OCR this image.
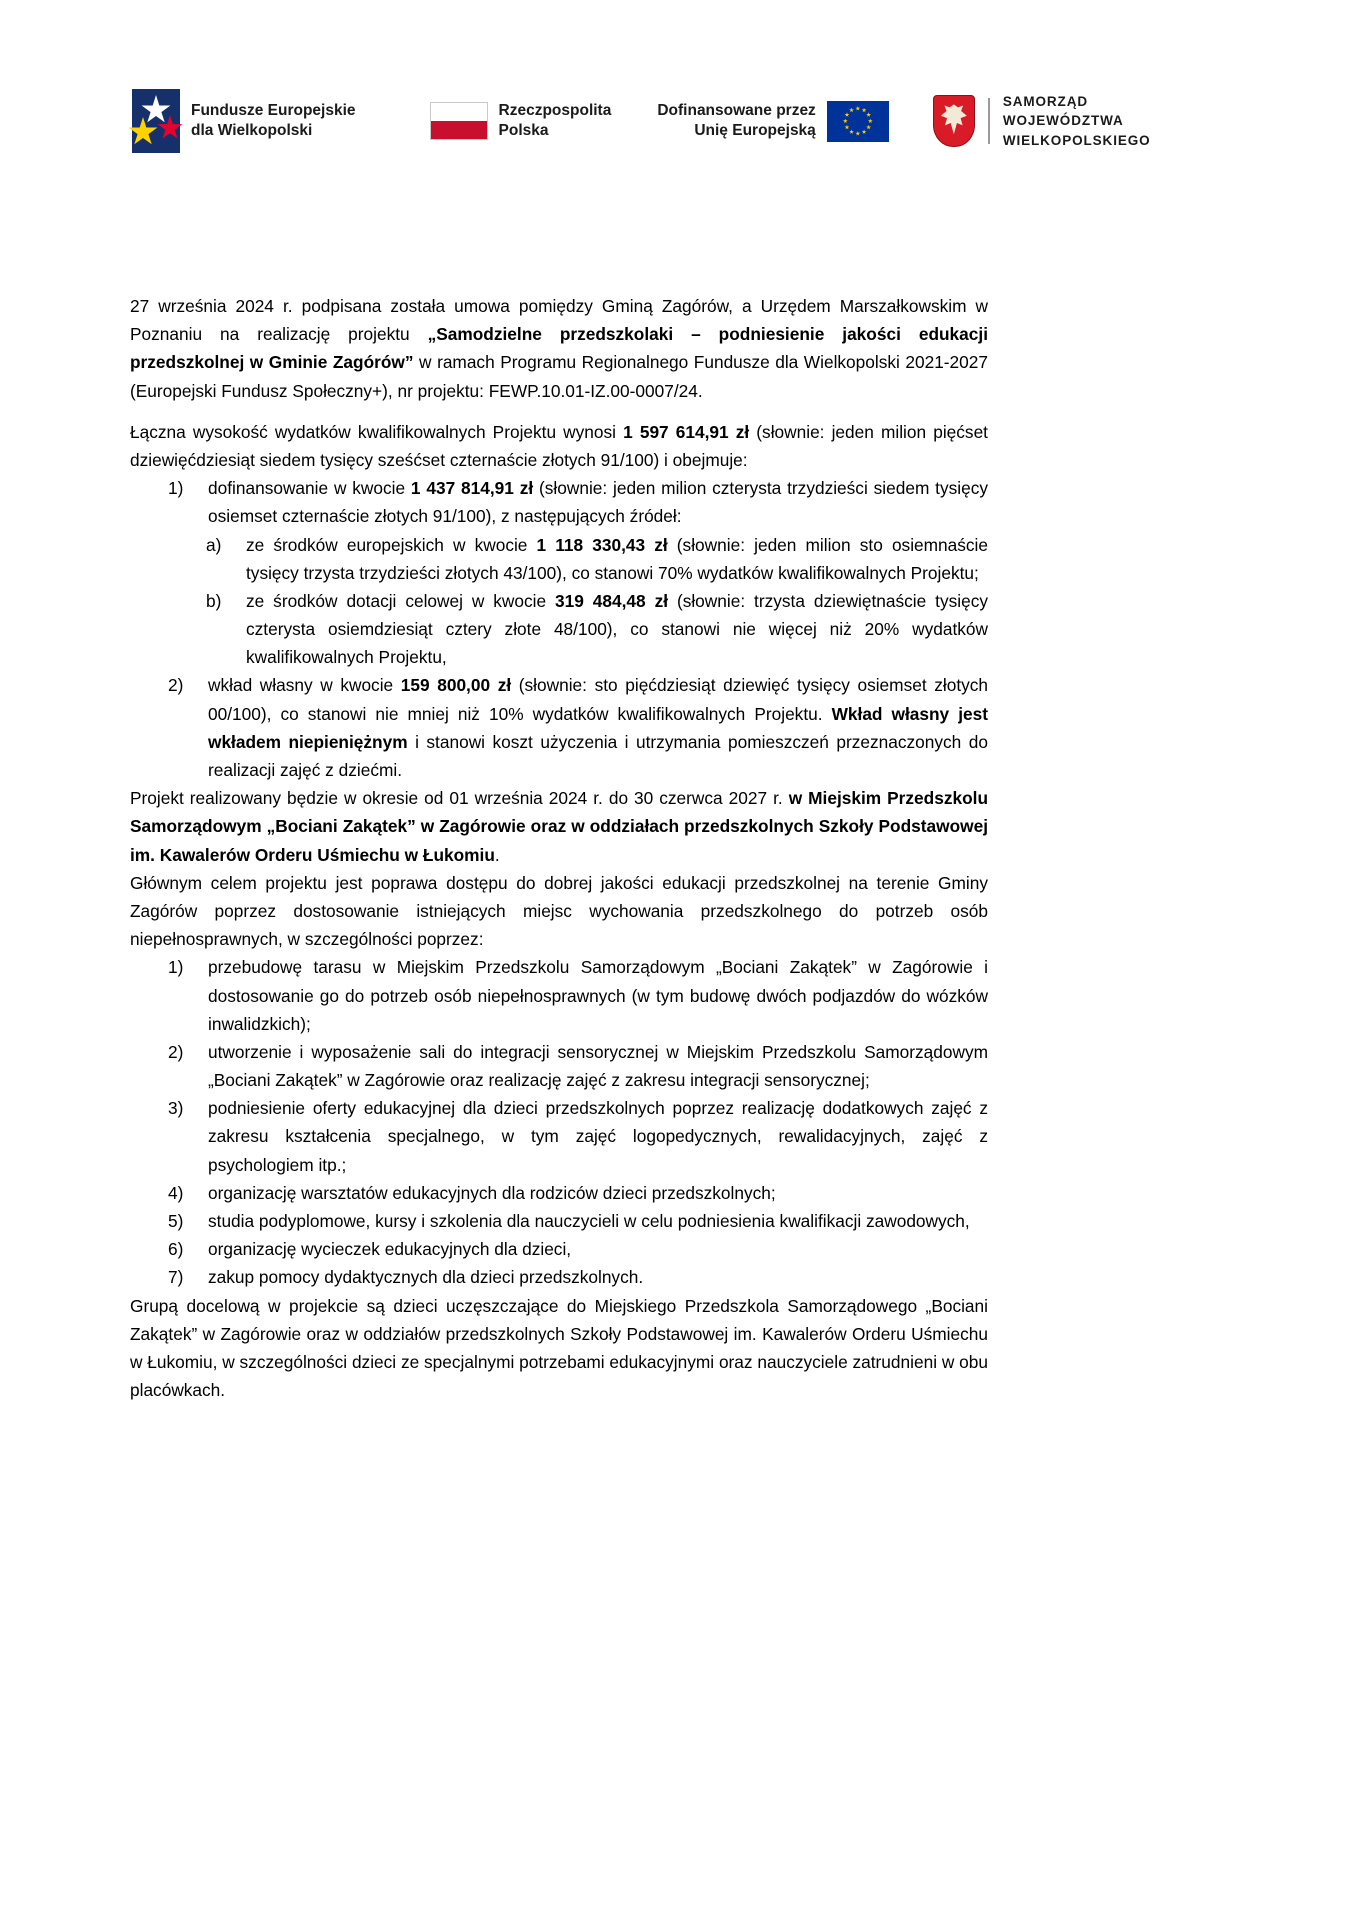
Fundusze Europejskie
dla Wielkopolski
Rzeczpospolita
Polska
Dofinansowane przez
Unię Europejską
SAMORZĄD
WOJEWÓDZTWA
WIELKOPOLSKIEGO

27 września 2024 r. podpisana została umowa pomiędzy Gminą Zagórów, a Urzędem Marszałkowskim w Poznaniu na realizację projektu „Samodzielne przedszkolaki – podniesienie jakości edukacji przedszkolnej w Gminie Zagórów” w ramach Programu Regionalnego Fundusze dla Wielkopolski 2021-2027 (Europejski Fundusz Społeczny+), nr projektu: FEWP.10.01-IZ.00-0007/24.

Łączna wysokość wydatków kwalifikowalnych Projektu wynosi 1 597 614,91 zł (słownie: jeden milion pięćset dziewięćdziesiąt siedem tysięcy sześćset czternaście złotych 91/100) i obejmuje:

1)	dofinansowanie w kwocie 1 437 814,91 zł (słownie: jeden milion czterysta trzydzieści siedem tysięcy osiemset czternaście złotych 91/100), z następujących źródeł:
a)	ze środków europejskich w kwocie 1 118 330,43 zł (słownie: jeden milion sto osiemnaście tysięcy trzysta trzydzieści złotych 43/100), co stanowi 70% wydatków kwalifikowalnych Projektu;
b)	ze środków dotacji celowej w kwocie 319 484,48 zł (słownie: trzysta dziewiętnaście tysięcy czterysta osiemdziesiąt cztery złote 48/100), co stanowi nie więcej niż 20% wydatków kwalifikowalnych Projektu,
2)	wkład własny w kwocie 159 800,00 zł (słownie: sto pięćdziesiąt dziewięć tysięcy osiemset złotych 00/100), co stanowi nie mniej niż 10% wydatków kwalifikowalnych Projektu. Wkład własny jest wkładem niepieniężnym i stanowi koszt użyczenia i utrzymania pomieszczeń przeznaczonych do realizacji zajęć z dziećmi.

Projekt realizowany będzie w okresie od 01 września 2024 r. do 30 czerwca 2027 r. w Miejskim Przedszkolu Samorządowym „Bociani Zakątek” w Zagórowie oraz w oddziałach przedszkolnych Szkoły Podstawowej im. Kawalerów Orderu Uśmiechu w Łukomiu.

Głównym celem projektu jest poprawa dostępu do dobrej jakości edukacji przedszkolnej na terenie Gminy Zagórów poprzez dostosowanie istniejących miejsc wychowania przedszkolnego do potrzeb osób niepełnosprawnych, w szczególności poprzez:

1)	przebudowę tarasu w Miejskim Przedszkolu Samorządowym „Bociani Zakątek” w Zagórowie i dostosowanie go do potrzeb osób niepełnosprawnych (w tym budowę dwóch podjazdów do wózków inwalidzkich);
2)	utworzenie i wyposażenie sali do integracji sensorycznej w Miejskim Przedszkolu Samorządowym „Bociani Zakątek” w Zagórowie oraz realizację zajęć z zakresu integracji sensorycznej;
3)	podniesienie oferty edukacyjnej dla dzieci przedszkolnych poprzez realizację dodatkowych zajęć z zakresu kształcenia specjalnego, w tym zajęć logopedycznych, rewalidacyjnych, zajęć z psychologiem itp.;
4)	organizację warsztatów edukacyjnych dla rodziców dzieci przedszkolnych;
5)	studia podyplomowe, kursy i szkolenia dla nauczycieli w celu podniesienia kwalifikacji zawodowych,
6)	organizację wycieczek edukacyjnych dla dzieci,
7)	zakup pomocy dydaktycznych dla dzieci przedszkolnych.

Grupą docelową w projekcie są dzieci uczęszczające do Miejskiego Przedszkola Samorządowego „Bociani Zakątek” w Zagórowie oraz w oddziałów przedszkolnych Szkoły Podstawowej im. Kawalerów Orderu Uśmiechu w Łukomiu, w szczególności dzieci ze specjalnymi potrzebami edukacyjnymi oraz nauczyciele zatrudnieni w obu placówkach.
